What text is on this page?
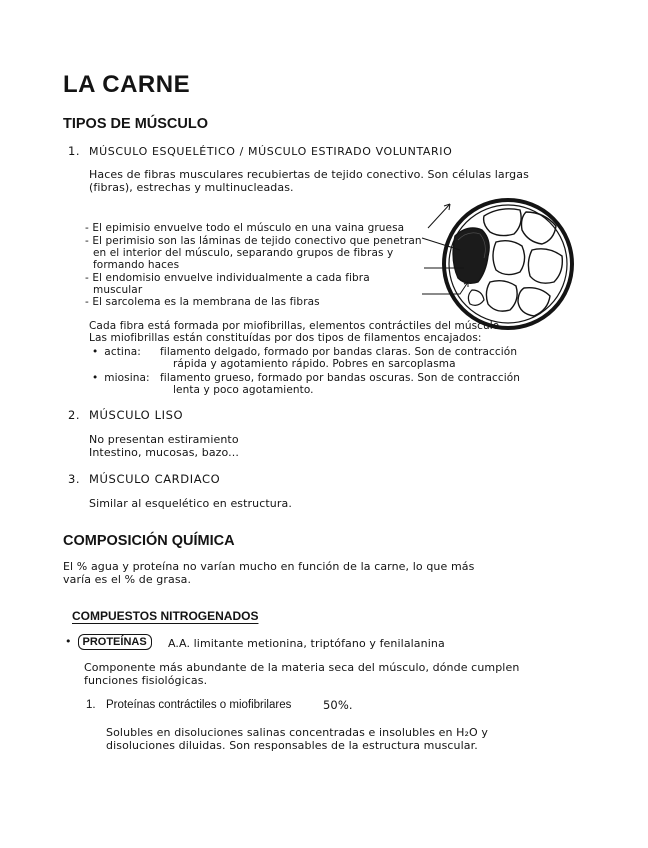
LA CARNE
TIPOS DE MÚSCULO
1. MÚSCULO ESQUELÉTICO / MÚSCULO ESTIRADO VOLUNTARIO
Haces de fibras musculares recubiertas de tejido conectivo. Son células largas
(fibras), estrechas y multinucleadas.
- El epimisio envuelve todo el músculo en una vaina gruesa
- El perimisio son las láminas de tejido conectivo que penetran
en el interior del músculo, separando grupos de fibras y
formando haces
- El endomisio envuelve individualmente a cada fibra
muscular
- El sarcolema es la membrana de las fibras
Cada fibra está formada por miofibrillas, elementos contráctiles del músculo.
Las miofibrillas están constituídas por dos tipos de filamentos encajados:
• actina: filamento delgado, formado por bandas claras. Son de contracción
rápida y agotamiento rápido. Pobres en sarcoplasma
• miosina: filamento grueso, formado por bandas oscuras. Son de contracción
lenta y poco agotamiento.
2. MÚSCULO LISO
No presentan estiramiento
Intestino, mucosas, bazo...
3. MÚSCULO CARDIACO
Similar al esquelético en estructura.
COMPOSICIÓN QUÍMICA
El % agua y proteína no varían mucho en función de la carne, lo que más
varía es el % de grasa.
COMPUESTOS NITROGENADOS
• PROTEÍNAS	A.A. limitante metionina, triptófano y fenilalanina
Componente más abundante de la materia seca del músculo, dónde cumplen
funciones fisiológicas.
1. Proteínas contráctiles o miofibrilares	50%.
Solubles en disoluciones salinas concentradas e insolubles en H₂O y
disoluciones diluidas. Son responsables de la estructura muscular.
